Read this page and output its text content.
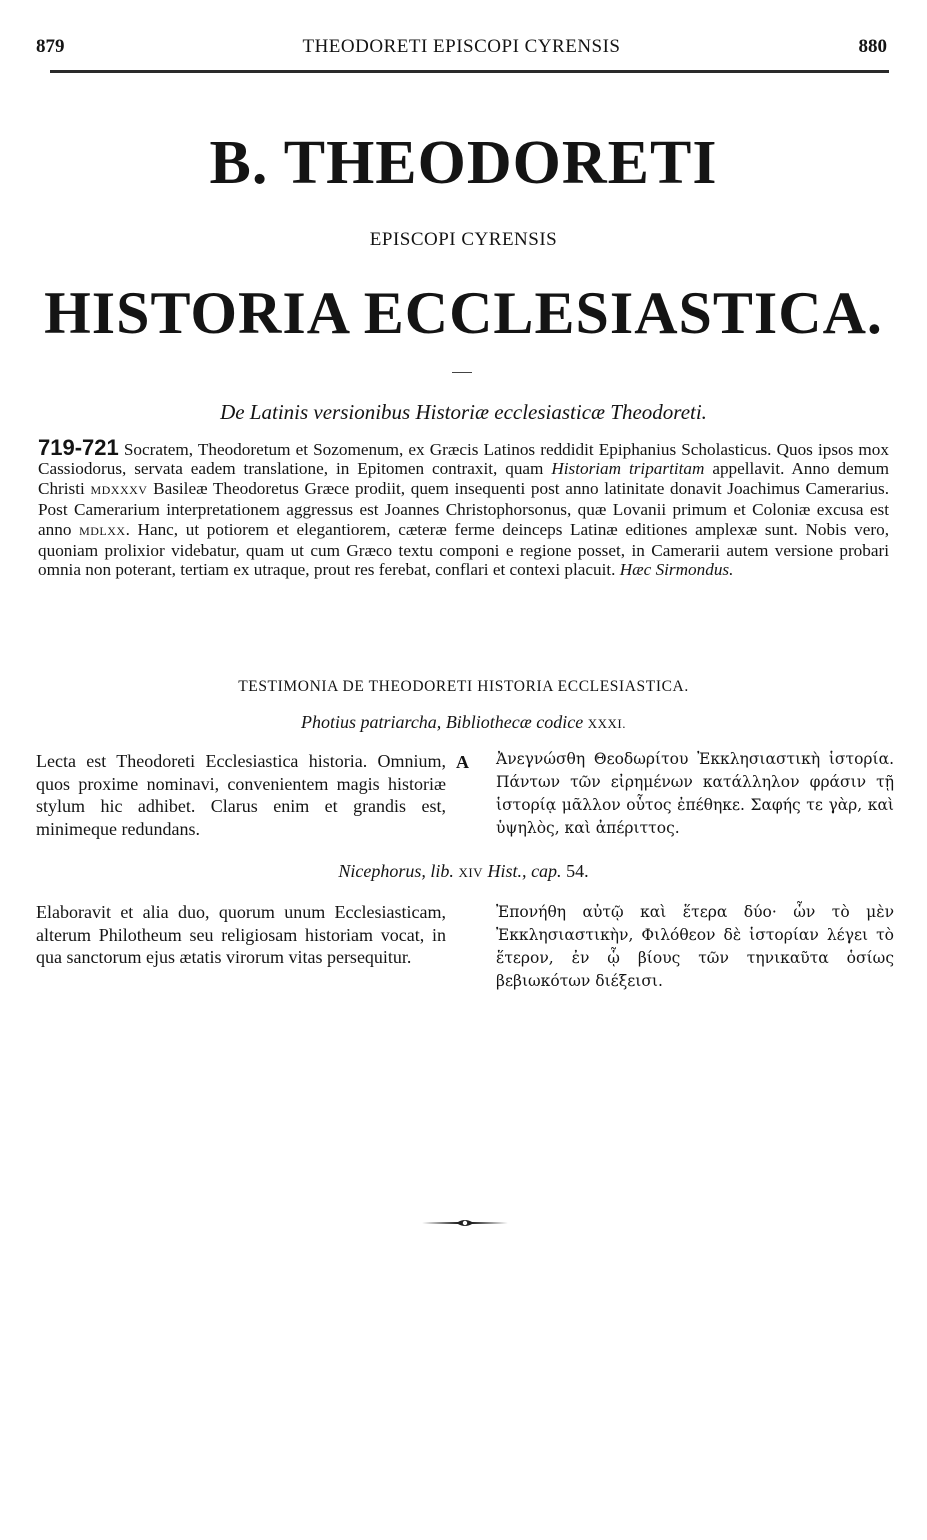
879	THEODORETI EPISCOPI CYRENSIS	880
B. THEODORETI
EPISCOPI CYRENSIS
HISTORIA ECCLESIASTICA.
De Latinis versionibus Historiæ ecclesiasticæ Theodoreti.
719-721 Socratem, Theodoretum et Sozomenum, ex Græcis Latinos reddidit Epiphanius Scholasticus. Quos ipsos mox Cassiodorus, servata eadem translatione, in Epitomen contraxit, quam Historiam tripartitam appellavit. Anno demum Christi MDXXXV Basileæ Theodoretus Græce prodiit, quem insequenti post anno latinitate donavit Joachimus Camerarius. Post Camerarium interpretationem aggressus est Joannes Christophorsonus, quæ Lovanii primum et Coloniæ excusa est anno MDLXX. Hanc, ut potiorem et elegantiorem, cæteræ ferme deinceps Latinæ editiones amplexæ sunt. Nobis vero, quoniam prolixior videbatur, quam ut cum Græco textu componi e regione posset, in Camerarii autem versione probari omnia non poterant, tertiam ex utraque, prout res ferebat, conflari et contexi placuit. Hæc Sirmondus.
TESTIMONIA DE THEODORETI HISTORIA ECCLESIASTICA.
Photius patriarcha, Bibliothecæ codice XXXI.
Lecta est Theodoreti Ecclesiastica historia. Omnium, quos proxime nominavi, convenientem magis historiæ stylum hic adhibet. Clarus enim et grandis est, minimeque redundans.
A Ἀνεγνώσθη Θεοδωρίτου Ἐκκλησιαστικὴ ἱστορία. Πάντων τῶν εἰρημένων κατάλληλον φράσιν τῇ ἱστορίᾳ μᾶλλον οὗτος ἐπέθηκε. Σαφής τε γὰρ, καὶ ὑψηλὸς, καὶ ἀπέριττος.
Nicephorus, lib. XIV Hist., cap. 54.
Elaboravit et alia duo, quorum unum Ecclesiasticam, alterum Philotheum seu religiosam historiam vocat, in qua sanctorum ejus ætatis virorum vitas persequitur.
Ἐπονήθη αὐτῷ καὶ ἕτερα δύο· ὧν τὸ μὲν Ἐκκλησιαστικὴν, Φιλόθεον δὲ ἱστορίαν λέγει τὸ ἕτερον, ἐν ᾧ βίους τῶν τηνικαῦτα ὁσίως βεβιωκότων διέξεισι.
